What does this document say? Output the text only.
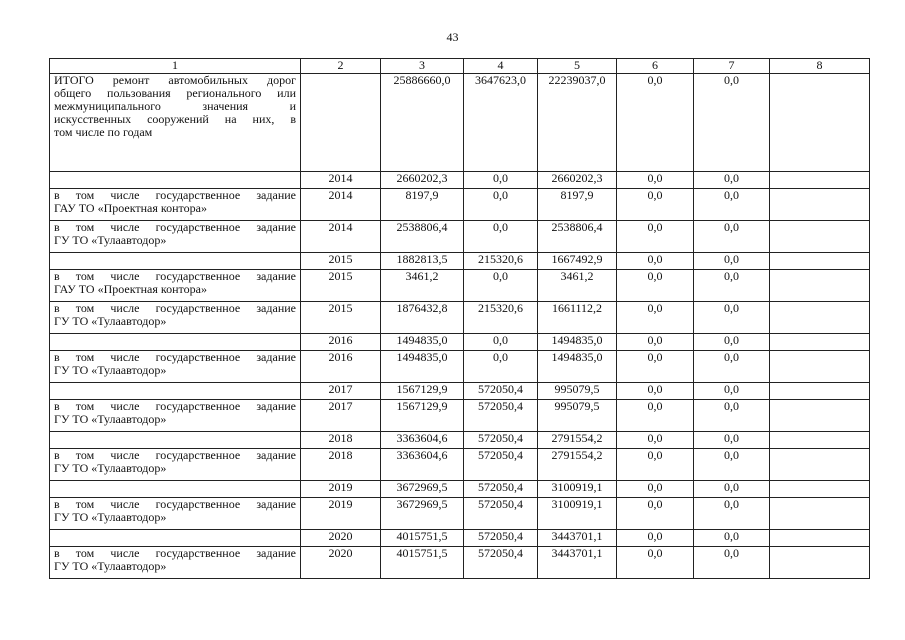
43
1	2	3	4	5	6	7	8

ИТОГО ремонт автомобильных дорог
общего пользования регионального или
межмуниципального значения и
искусственных сооружений на них, в
том числе по годам		25886660,0	3647623,0	22239037,0	0,0	0,0	
	2014	2660202,3	0,0	2660202,3	0,0	0,0	

в том числе государственное задание
ГАУ ТО «Проектная контора»	2014	8197,9	0,0	8197,9	0,0	0,0	

в том числе государственное задание
ГУ ТО «Тулаавтодор»	2014	2538806,4	0,0	2538806,4	0,0	0,0	
	2015	1882813,5	215320,6	1667492,9	0,0	0,0	

в том числе государственное задание
ГАУ ТО «Проектная контора»	2015	3461,2	0,0	3461,2	0,0	0,0	

в том числе государственное задание
ГУ ТО «Тулаавтодор»	2015	1876432,8	215320,6	1661112,2	0,0	0,0	
	2016	1494835,0	0,0	1494835,0	0,0	0,0	

в том числе государственное задание
ГУ ТО «Тулаавтодор»	2016	1494835,0	0,0	1494835,0	0,0	0,0	
	2017	1567129,9	572050,4	995079,5	0,0	0,0	

в том числе государственное задание
ГУ ТО «Тулаавтодор»	2017	1567129,9	572050,4	995079,5	0,0	0,0	
	2018	3363604,6	572050,4	2791554,2	0,0	0,0	

в том числе государственное задание
ГУ ТО «Тулаавтодор»	2018	3363604,6	572050,4	2791554,2	0,0	0,0	
	2019	3672969,5	572050,4	3100919,1	0,0	0,0	

в том числе государственное задание
ГУ ТО «Тулаавтодор»	2019	3672969,5	572050,4	3100919,1	0,0	0,0	
	2020	4015751,5	572050,4	3443701,1	0,0	0,0	

в том числе государственное задание
ГУ ТО «Тулаавтодор»	2020	4015751,5	572050,4	3443701,1	0,0	0,0	
